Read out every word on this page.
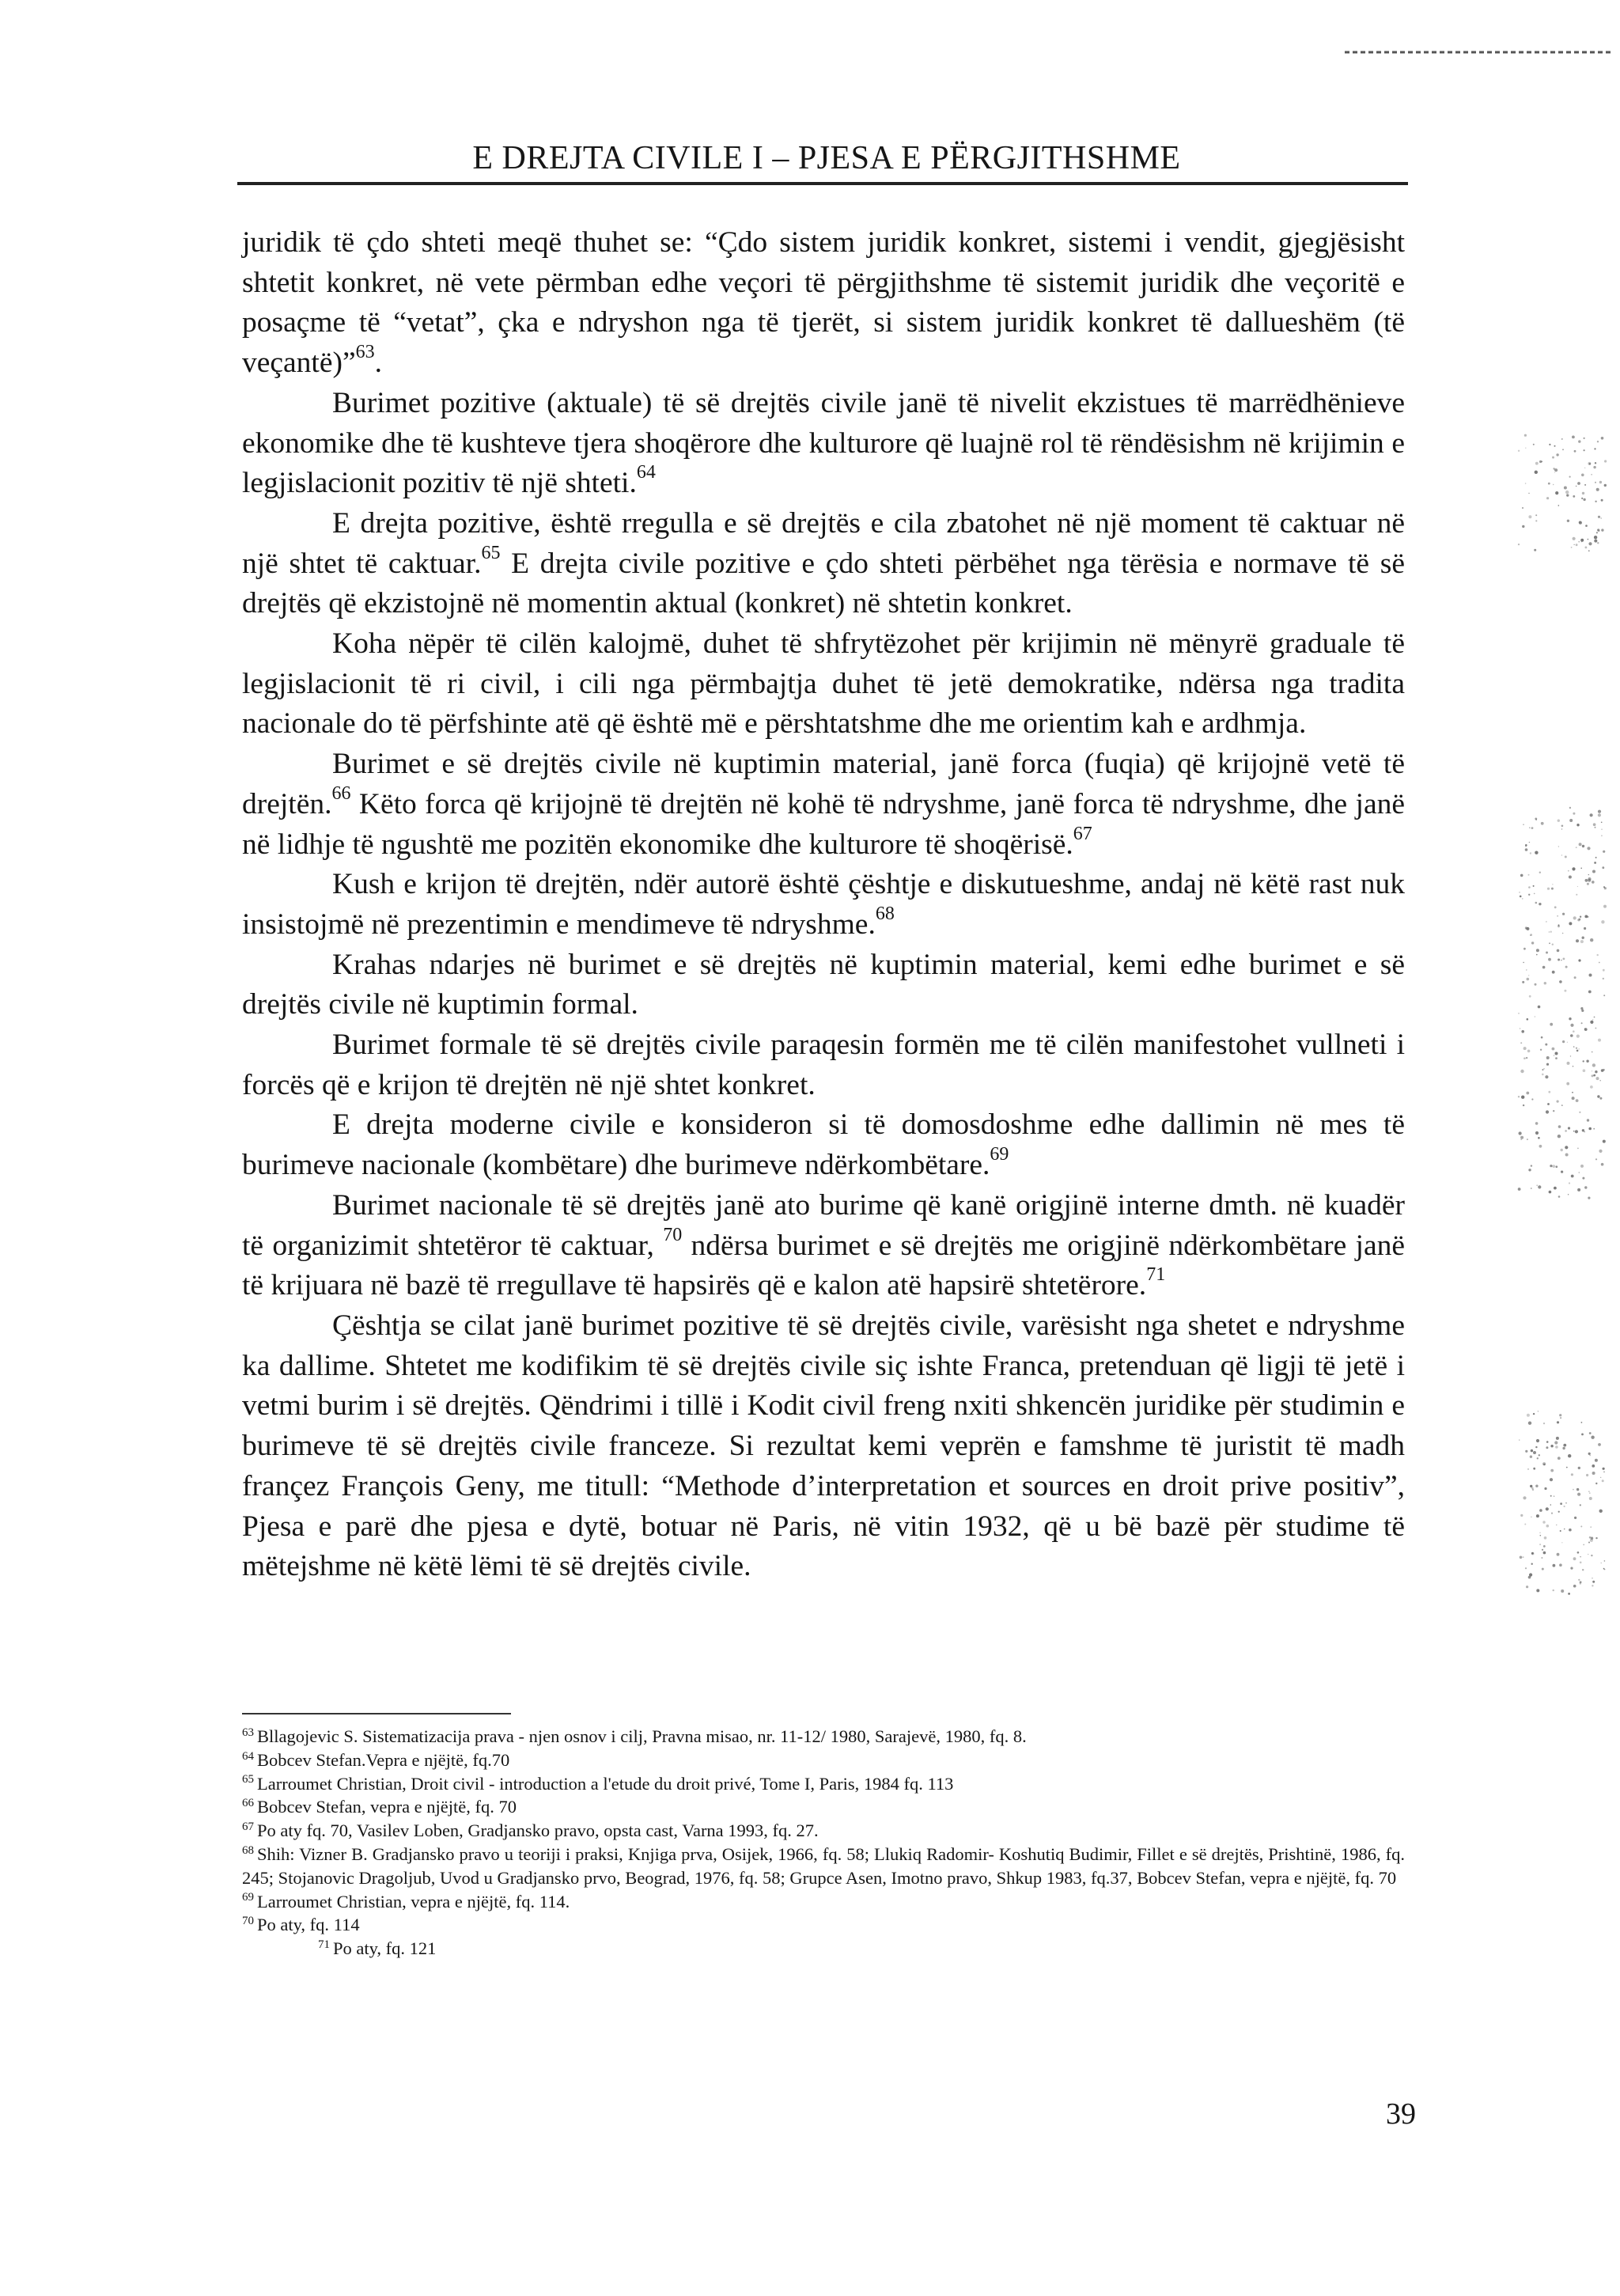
E DREJTA CIVILE I – PJESA E PËRGJITHSHME

juridik të çdo shteti meqë thuhet se: “Çdo sistem juridik konkret, sistemi i vendit, gjegjësisht shtetit konkret, në vete përmban edhe veçori të përgjithshme të sistemit juridik dhe veçoritë e posaçme të “vetat”, çka e ndryshon nga të tjerët, si sistem juridik konkret të dallueshëm (të veçantë)”$^{63}$.

Burimet pozitive (aktuale) të së drejtës civile janë të nivelit ekzistues të marrëdhënieve ekonomike dhe të kushteve tjera shoqërore dhe kulturore që luajnë rol të rëndësishm në krijimin e legjislacionit pozitiv të një shteti.$^{64}$

E drejta pozitive, është rregulla e së drejtës e cila zbatohet në një moment të caktuar në një shtet të caktuar.$^{65}$ E drejta civile pozitive e çdo shteti përbëhet nga tërësia e normave të së drejtës që ekzistojnë në momentin aktual (konkret) në shtetin konkret.

Koha nëpër të cilën kalojmë, duhet të shfrytëzohet për krijimin në mënyrë graduale të legjislacionit të ri civil, i cili nga përmbajtja duhet të jetë demokratike, ndërsa nga tradita nacionale do të përfshinte atë që është më e përshtatshme dhe me orientim kah e ardhmja.

Burimet e së drejtës civile në kuptimin material, janë forca (fuqia) që krijojnë vetë të drejtën.$^{66}$ Këto forca që krijojnë të drejtën në kohë të ndryshme, janë forca të ndryshme, dhe janë në lidhje të ngushtë me pozitën ekonomike dhe kulturore të shoqërisë.$^{67}$

Kush e krijon të drejtën, ndër autorë është çështje e diskutueshme, andaj në këtë rast nuk insistojmë në prezentimin e mendimeve të ndryshme.$^{68}$

Krahas ndarjes në burimet e së drejtës në kuptimin material, kemi edhe burimet e së drejtës civile në kuptimin formal.

Burimet formale të së drejtës civile paraqesin formën me të cilën manifestohet vullneti i forcës që e krijon të drejtën në një shtet konkret.

E drejta moderne civile e konsideron si të domosdoshme edhe dallimin në mes të burimeve nacionale (kombëtare) dhe burimeve ndërkombëtare.$^{69}$

Burimet nacionale të së drejtës janë ato burime që kanë origjinë interne dmth. në kuadër të organizimit shtetëror të caktuar, $^{70}$ ndërsa burimet e së drejtës me origjinë ndërkombëtare janë të krijuara në bazë të rregullave të hapsirës që e kalon atë hapsirë shtetërore.$^{71}$

Çështja se cilat janë burimet pozitive të së drejtës civile, varësisht nga shetet e ndryshme ka dallime. Shtetet me kodifikim të së drejtës civile siç ishte Franca, pretenduan që ligji të jetë i vetmi burim i së drejtës. Qëndrimi i tillë i Kodit civil freng nxiti shkencën juridike për studimin e burimeve të së drejtës civile franceze. Si rezultat kemi veprën e famshme të juristit të madh françez François Geny, me titull: “Methode d’interpretation et sources en droit prive positiv”, Pjesa e parë dhe pjesa e dytë, botuar në Paris, në vitin 1932, që u bë bazë për studime të mëtejshme në këtë lëmi të së drejtës civile.

$^{63}$ Bllagojevic S. Sistematizacija prava - njen osnov i cilj, Pravna misao, nr. 11-12/ 1980, Sarajevë, 1980, fq. 8.

$^{64}$ Bobcev Stefan.Vepra e njëjtë, fq.70

$^{65}$ Larroumet Christian, Droit civil - introduction a l'etude du droit privé, Tome I, Paris, 1984 fq. 113

$^{66}$ Bobcev Stefan, vepra e njëjtë, fq. 70

$^{67}$ Po aty fq. 70, Vasilev Loben, Gradjansko pravo, opsta cast, Varna 1993, fq. 27.

$^{68}$ Shih: Vizner B. Gradjansko pravo u teoriji i praksi, Knjiga prva, Osijek, 1966, fq. 58; Llukiq Radomir- Koshutiq Budimir, Fillet e së drejtës, Prishtinë, 1986, fq. 245; Stojanovic Dragoljub, Uvod u Gradjansko prvo, Beograd, 1976, fq. 58; Grupce Asen, Imotno pravo, Shkup 1983, fq.37, Bobcev Stefan, vepra e njëjtë, fq. 70

$^{69}$ Larroumet Christian, vepra e njëjtë, fq. 114.

$^{70}$ Po aty, fq. 114

$^{71}$ Po aty, fq. 121

39
